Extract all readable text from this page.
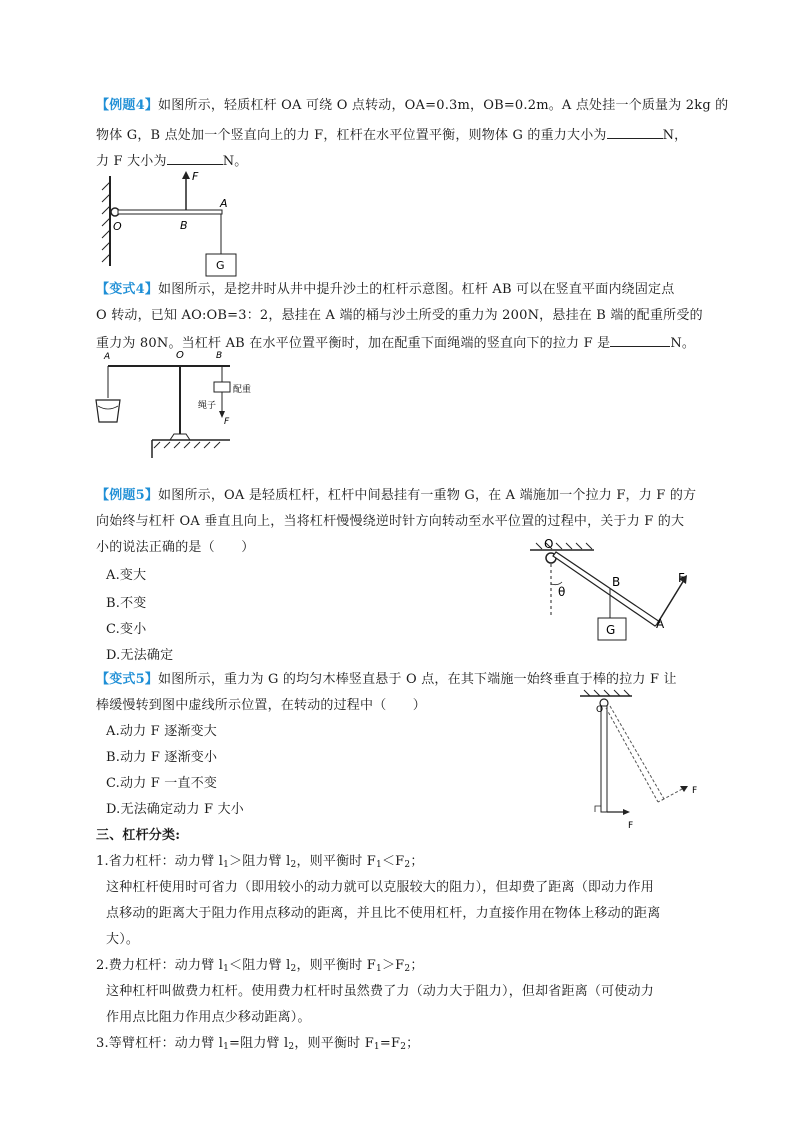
【例题4】如图所示，轻质杠杆 OA 可绕 O 点转动，OA=0.3m，OB=0.2m。A 点处挂一个质量为 2kg 的
物体 G，B 点处加一个竖直向上的力 F，杠杆在水平位置平衡，则物体 G 的重力大小为	N，
力 F 大小为	N。
F
A
O	B
G
【变式4】如图所示，是挖井时从井中提升沙土的杠杆示意图。杠杆 AB 可以在竖直平面内绕固定点
O 转动，已知 AO:OB=3：2，悬挂在 A 端的桶与沙土所受的重力为 200N，悬挂在 B 端的配重所受的
重力为 80N。当杠杆 AB 在水平位置平衡时，加在配重下面绳端的竖直向下的拉力 F 是	N。
A	O	B
配重
绳子
F
【例题5】如图所示，OA 是轻质杠杆，杠杆中间悬挂有一重物 G，在 A 端施加一个拉力 F，力 F 的方
向始终与杠杆 OA 垂直且向上，当将杠杆慢慢绕逆时针方向转动至水平位置的过程中，关于力 F 的大
小的说法正确的是（　　）
A.变大
B.不变
C.变小
D.无法确定
O
θ
B	F
G	A
【变式5】如图所示，重力为 G 的均匀木棒竖直悬于 O 点，在其下端施一始终垂直于棒的拉力 F 让
棒缓慢转到图中虚线所示位置，在转动的过程中（　　）
A.动力 F 逐渐变大
B.动力 F 逐渐变小
C.动力 F 一直不变
D.无法确定动力 F 大小
O
F
F
三、杠杆分类:
1.省力杠杆：动力臂 $l_1>$阻力臂 $l_2$，则平衡时 $F_1<F_2$；
这种杠杆使用时可省力（即用较小的动力就可以克服较大的阻力），但却费了距离（即动力作用
点移动的距离大于阻力作用点移动的距离，并且比不使用杠杆，力直接作用在物体上移动的距离
大）。
2.费力杠杆：动力臂 $l_1<$阻力臂 $l_2$，则平衡时 $F_1>F_2$；
这种杠杆叫做费力杠杆。使用费力杠杆时虽然费了力（动力大于阻力），但却省距离（可使动力
作用点比阻力作用点少移动距离）。
3.等臂杠杆：动力臂 $l_1=$阻力臂 $l_2$，则平衡时 $F_1=F_2$；
